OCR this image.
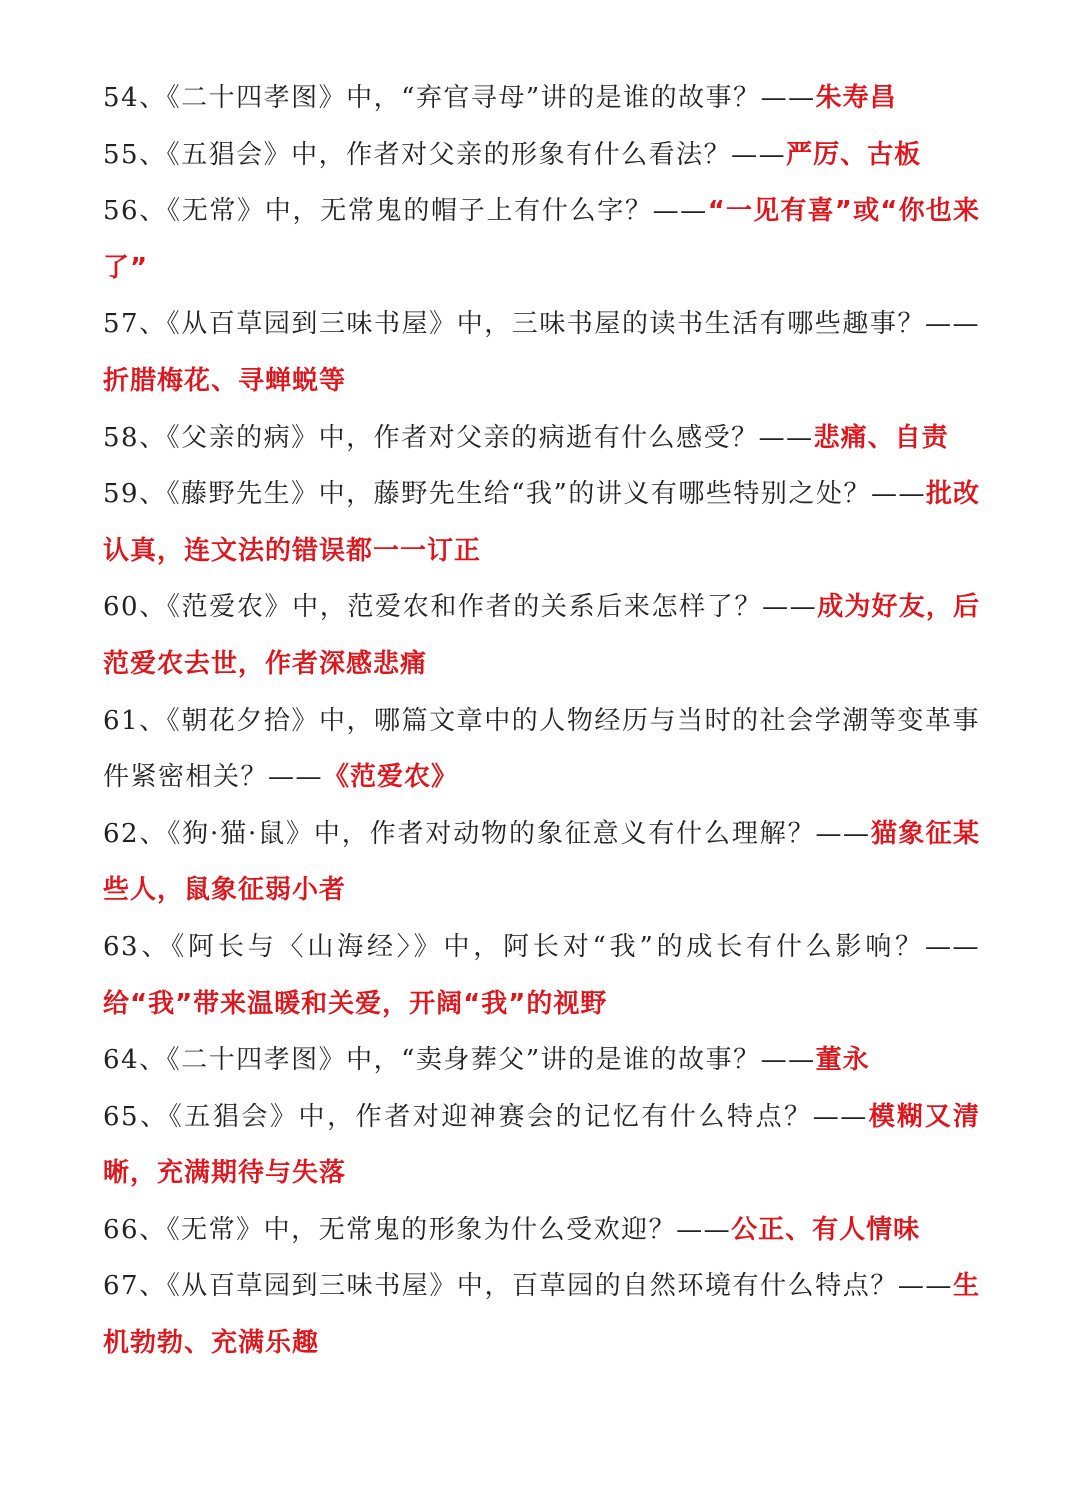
54、《二十四孝图》中，“弃官寻母”讲的是谁的故事？——朱寿昌

55、《五猖会》中，作者对父亲的形象有什么看法？——严厉、古板

56、《无常》中，无常鬼的帽子上有什么字？——“一见有喜”或“你也来了”

57、《从百草园到三味书屋》中，三味书屋的读书生活有哪些趣事？——折腊梅花、寻蝉蜕等

58、《父亲的病》中，作者对父亲的病逝有什么感受？——悲痛、自责

59、《藤野先生》中，藤野先生给“我”的讲义有哪些特别之处？——批改认真，连文法的错误都一一订正

60、《范爱农》中，范爱农和作者的关系后来怎样了？——成为好友，后范爱农去世，作者深感悲痛

61、《朝花夕拾》中，哪篇文章中的人物经历与当时的社会学潮等变革事件紧密相关？——《范爱农》

62、《狗·猫·鼠》中，作者对动物的象征意义有什么理解？——猫象征某些人，鼠象征弱小者

63、《阿长与〈山海经〉》中，阿长对“我”的成长有什么影响？——给“我”带来温暖和关爱，开阔“我”的视野

64、《二十四孝图》中，“卖身葬父”讲的是谁的故事？——董永

65、《五猖会》中，作者对迎神赛会的记忆有什么特点？——模糊又清晰，充满期待与失落

66、《无常》中，无常鬼的形象为什么受欢迎？——公正、有人情味

67、《从百草园到三味书屋》中，百草园的自然环境有什么特点？——生机勃勃、充满乐趣
